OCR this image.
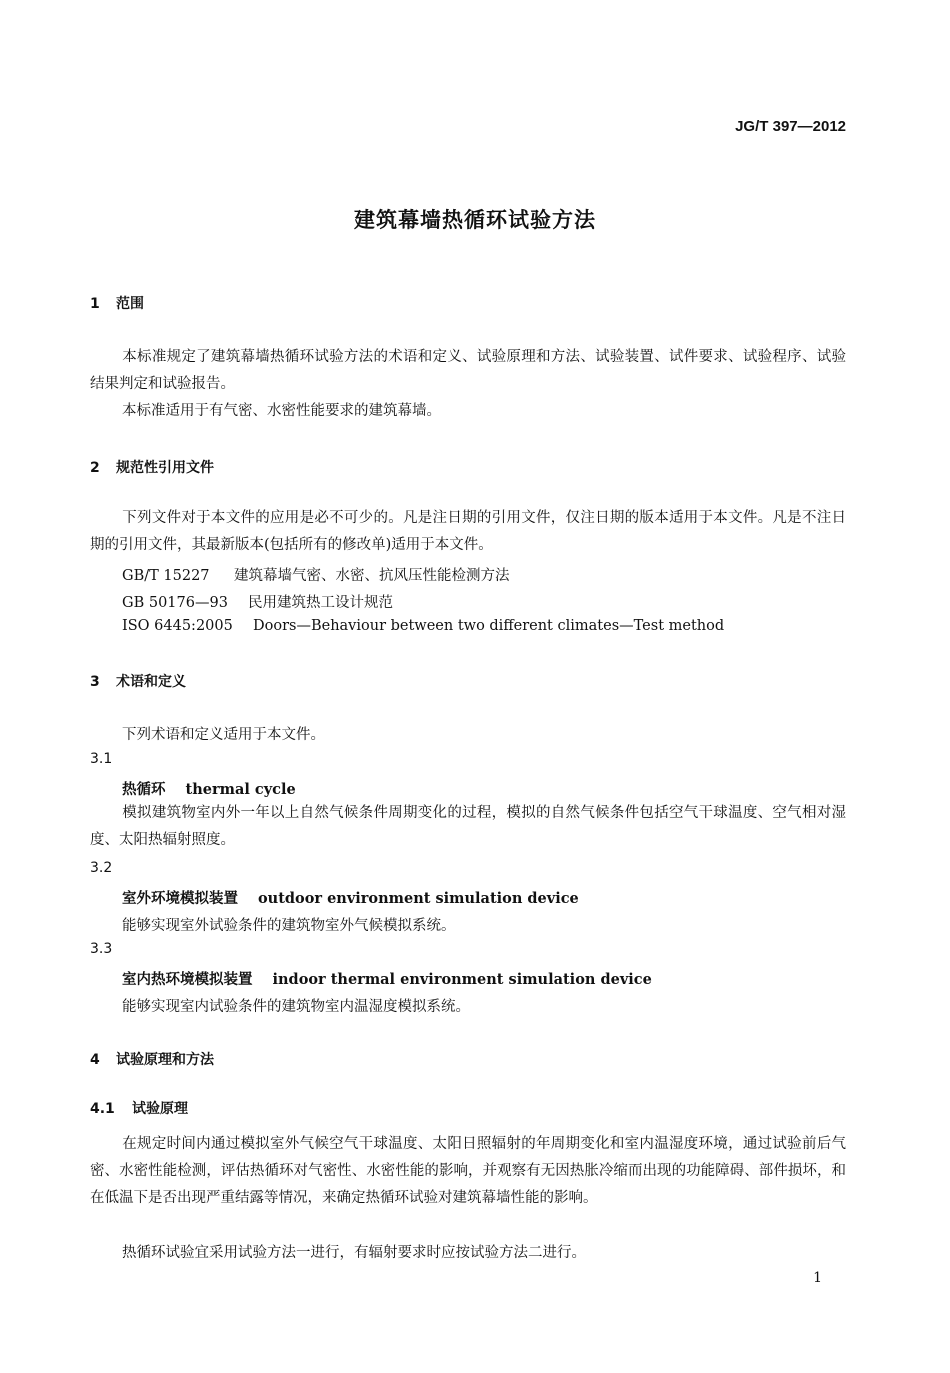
JG/T 397—2012
建筑幕墙热循环试验方法
1 范围
本标准规定了建筑幕墙热循环试验方法的术语和定义、试验原理和方法、试验装置、试件要求、试验程序、试验结果判定和试验报告。
本标准适用于有气密、水密性能要求的建筑幕墙。
2 规范性引用文件
下列文件对于本文件的应用是必不可少的。凡是注日期的引用文件，仅注日期的版本适用于本文件。凡是不注日期的引用文件，其最新版本(包括所有的修改单)适用于本文件。
GB/T 15227 建筑幕墙气密、水密、抗风压性能检测方法
GB 50176—93 民用建筑热工设计规范
ISO 6445:2005 Doors—Behaviour between two different climates—Test method
3 术语和定义
下列术语和定义适用于本文件。
3.1
热循环 thermal cycle
模拟建筑物室内外一年以上自然气候条件周期变化的过程，模拟的自然气候条件包括空气干球温度、空气相对湿度、太阳热辐射照度。
3.2
室外环境模拟装置 outdoor environment simulation device
能够实现室外试验条件的建筑物室外气候模拟系统。
3.3
室内热环境模拟装置 indoor thermal environment simulation device
能够实现室内试验条件的建筑物室内温湿度模拟系统。
4 试验原理和方法
4.1 试验原理
在规定时间内通过模拟室外气候空气干球温度、太阳日照辐射的年周期变化和室内温湿度环境，通过试验前后气密、水密性能检测，评估热循环对气密性、水密性能的影响，并观察有无因热胀冷缩而出现的功能障碍、部件损坏，和在低温下是否出现严重结露等情况，来确定热循环试验对建筑幕墙性能的影响。
热循环试验宜采用试验方法一进行，有辐射要求时应按试验方法二进行。
1
